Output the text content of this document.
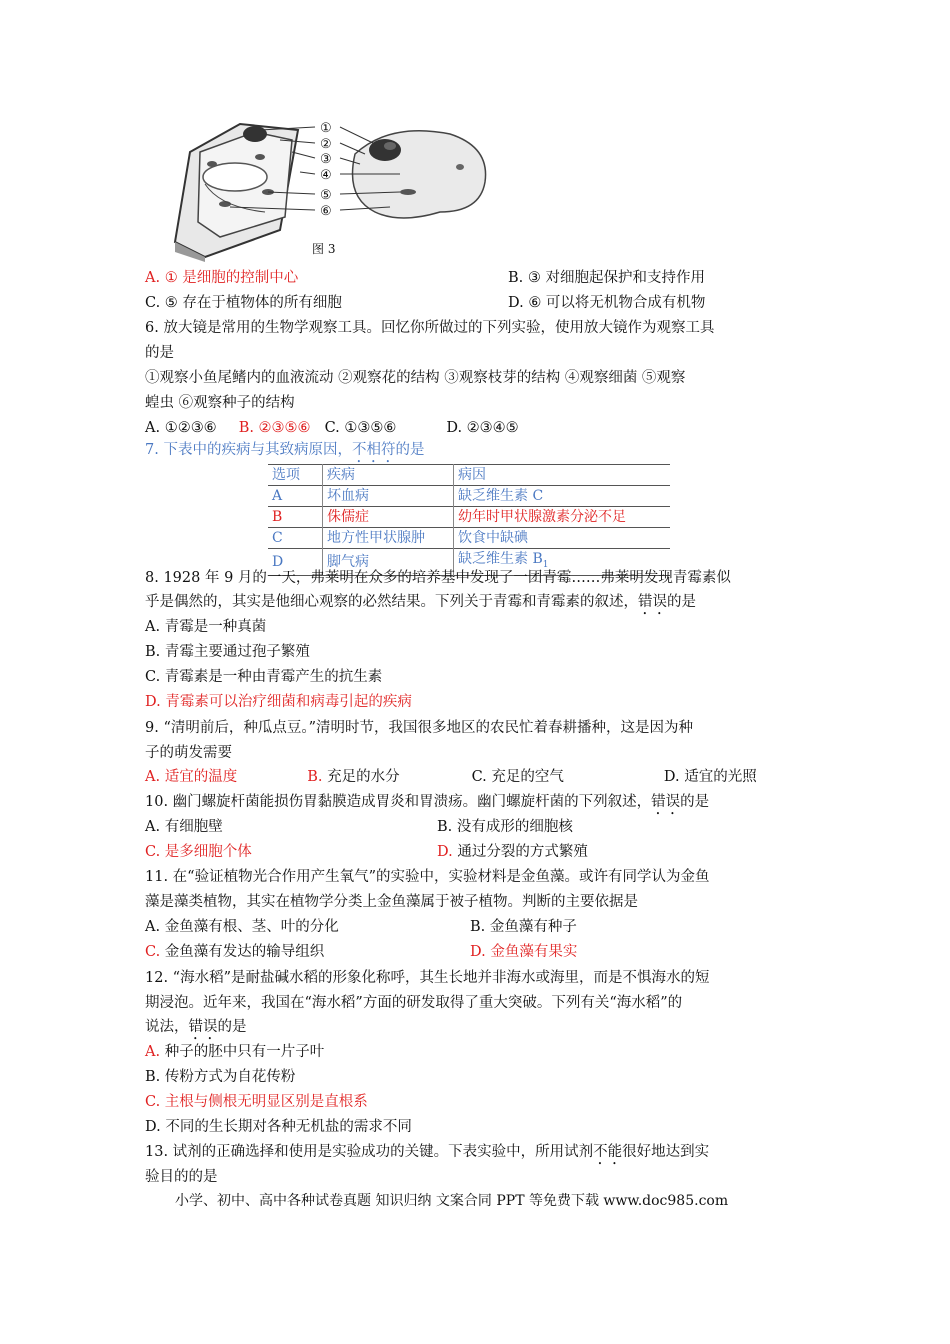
①
②
③
④
⑤
⑥
图 3
A. ① 是细胞的控制中心	B. ③ 对细胞起保护和支持作用
C. ⑤ 存在于植物体的所有细胞	D. ⑥ 可以将无机物合成有机物
6. 放大镜是常用的生物学观察工具。回忆你所做过的下列实验，使用放大镜作为观察工具
的是
①观察小鱼尾鳍内的血液流动 ②观察花的结构 ③观察枝芽的结构 ④观察细菌 ⑤观察
蝗虫 ⑥观察种子的结构
A. ①②③⑥ B. ②③⑤⑥ C. ①③⑤⑥	D. ②③④⑤
7. 下表中的疾病与其致病原因，不相符的是
选项	疾病	病因
A	坏血病	缺乏维生素 C
B	侏儒症	幼年时甲状腺激素分泌不足
C	地方性甲状腺肿	饮食中缺碘
D	脚气病	缺乏维生素 $B_1$
8. 1928 年 9 月的一天，弗莱明在众多的培养基中发现了一团青霉……弗莱明发现青霉素似
乎是偶然的，其实是他细心观察的必然结果。下列关于青霉和青霉素的叙述，错误的是
A. 青霉是一种真菌
B. 青霉主要通过孢子繁殖
C. 青霉素是一种由青霉产生的抗生素
D. 青霉素可以治疗细菌和病毒引起的疾病
9. “清明前后，种瓜点豆。”清明时节，我国很多地区的农民忙着春耕播种，这是因为种
子的萌发需要
A. 适宜的温度	B. 充足的水分	C. 充足的空气	D. 适宜的光照
10. 幽门螺旋杆菌能损伤胃黏膜造成胃炎和胃溃疡。幽门螺旋杆菌的下列叙述，错误的是
A. 有细胞壁	B. 没有成形的细胞核
C. 是多细胞个体	D. 通过分裂的方式繁殖
11. 在“验证植物光合作用产生氧气”的实验中，实验材料是金鱼藻。或许有同学认为金鱼
藻是藻类植物，其实在植物学分类上金鱼藻属于被子植物。判断的主要依据是
A. 金鱼藻有根、茎、叶的分化	B. 金鱼藻有种子
C. 金鱼藻有发达的输导组织	D. 金鱼藻有果实
12. “海水稻”是耐盐碱水稻的形象化称呼，其生长地并非海水或海里，而是不惧海水的短
期浸泡。近年来，我国在“海水稻”方面的研发取得了重大突破。下列有关“海水稻”的
说法，错误的是
A. 种子的胚中只有一片子叶
B. 传粉方式为自花传粉
C. 主根与侧根无明显区别是直根系
D. 不同的生长期对各种无机盐的需求不同
13. 试剂的正确选择和使用是实验成功的关键。下表实验中，所用试剂不能很好地达到实
验目的的是
小学、初中、高中各种试卷真题 知识归纳 文案合同 PPT 等免费下载 www.doc985.com
